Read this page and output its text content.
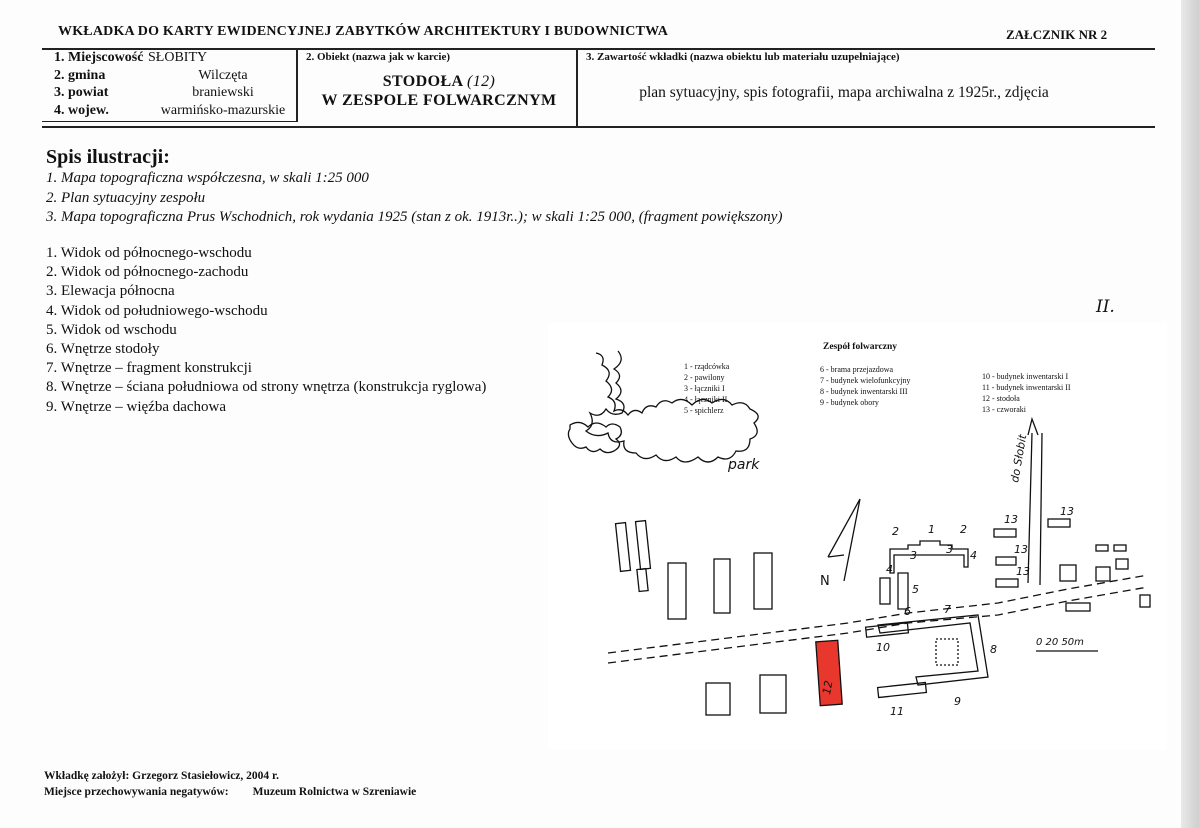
WKŁADKA DO KARTY EWIDENCYJNEJ ZABYTKÓW ARCHITEKTURY I BUDOWNICTWA	ZAŁCZNIK NR 2
1. Miejscowość SŁOBITY
2. gmina	Wilczęta
3. powiat	braniewski
4. wojew.	warmińsko-mazurskie
2. Obiekt (nazwa jak w karcie)
STODOŁA (12)
W ZESPOLE FOLWARCZNYM
3. Zawartość wkładki (nazwa obiektu lub materiału uzupełniające)
plan sytuacyjny, spis fotografii, mapa archiwalna z 1925r., zdjęcia
Spis ilustracji:
1. Mapa topograficzna współczesna, w skali 1:25 000
2. Plan sytuacyjny zespołu
3. Mapa topograficzna Prus Wschodnich, rok wydania 1925 (stan z ok. 1913r..); w skali 1:25 000, (fragment powiększony)
1. Widok od północnego-wschodu
2. Widok od północnego-zachodu
3. Elewacja północna
4. Widok od południowego-wschodu
5. Widok od wschodu
6. Wnętrze stodoły
7. Wnętrze – fragment konstrukcji
8. Wnętrze – ściana południowa od strony wnętrza (konstrukcja ryglowa)
9. Wnętrze – więźba dachowa
II.
park
Zespół folwarczny
1 - rządcówka
2 - pawilony
3 - łączniki I
4 - łączniki II
5 - spichlerz
6 - brama przejazdowa
7 - budynek wielofunkcyjny
8 - budynek inwentarski III
9 - budynek obory
10 - budynek inwentarski I
11 - budynek inwentarski II
12 - stodoła
13 - czworaki
N
do Słobit
0 20 50m
1
2	2
3	3
4
4
5
6	7
8
9
10
11
12
13
13
13
13
Wkładkę założył: Grzegorz Stasiełowicz, 2004 r.
Miejsce przechowywania negatywów: Muzeum Rolnictwa w Szreniawie
